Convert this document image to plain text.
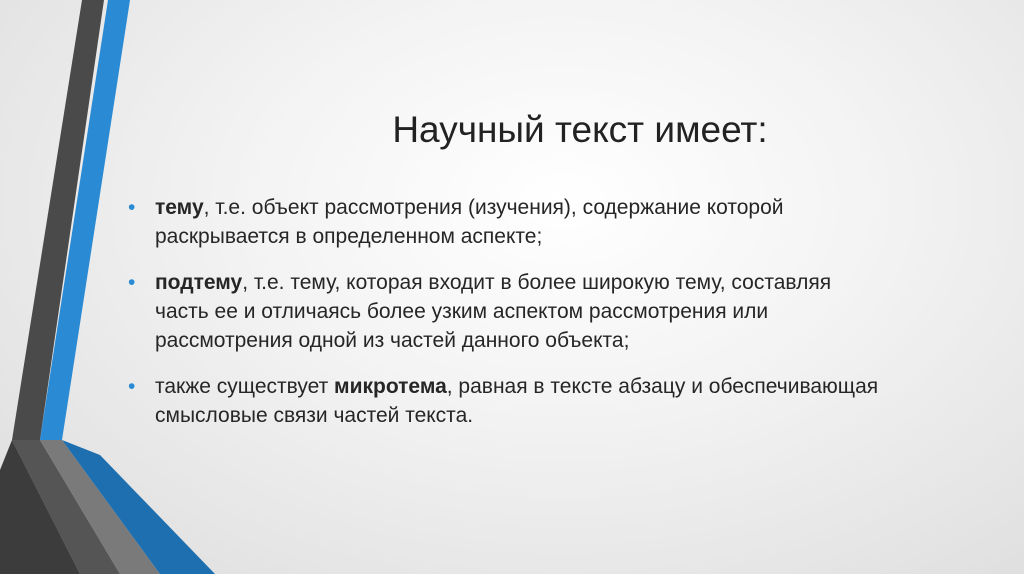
Научный текст имеет:
• тему, т.е. объект рассмотрения (изучения), содержание которой раскрывается в определенном аспекте;
• подтему, т.е. тему, которая входит в более широкую тему, составляя часть ее и отличаясь более узким аспектом рассмотрения или рассмотрения одной из частей данного объекта;
• также существует микротема, равная в тексте абзацу и обеспечивающая смысловые связи частей текста.
